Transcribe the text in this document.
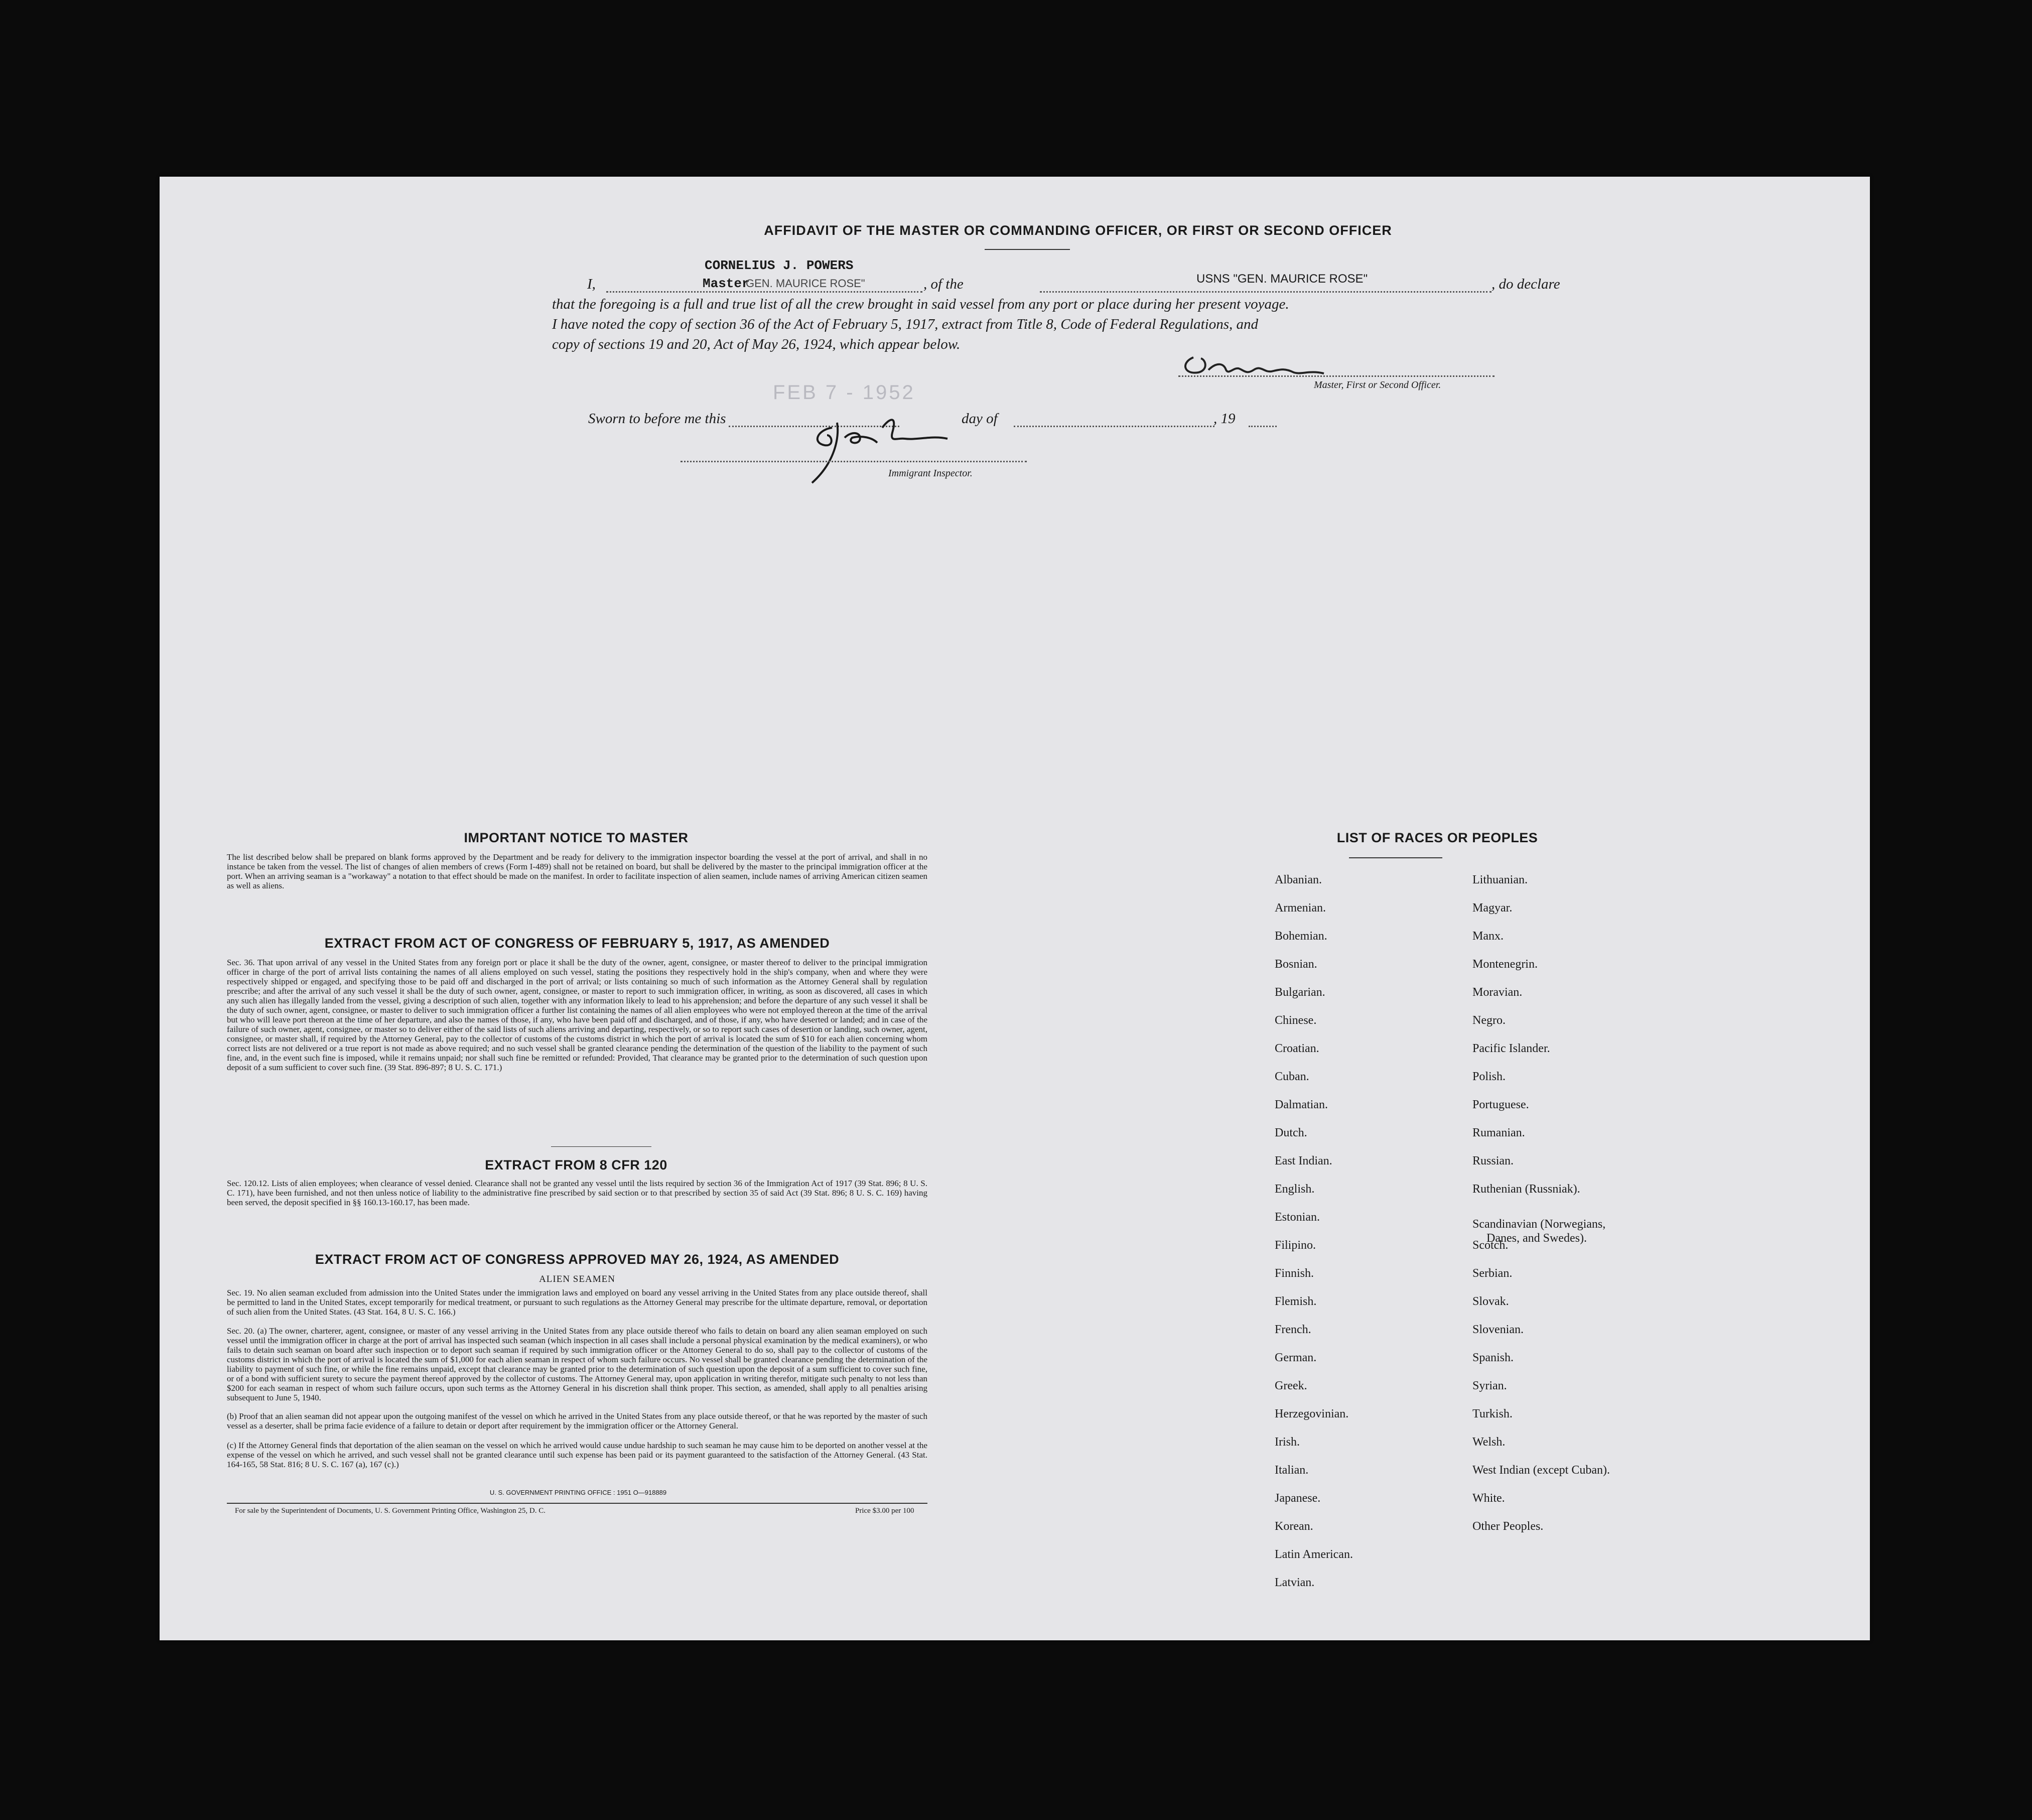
AFFIDAVIT OF THE MASTER OR COMMANDING OFFICER, OR FIRST OR SECOND OFFICER
I,
CORNELIUS J. POWERS
Master
GEN. MAURICE ROSE"	, of the	USNS "GEN. MAURICE ROSE"	, do declare
that the foregoing is a full and true list of all the crew brought in said vessel from any port or place during her present voyage.
I have noted the copy of section 36 of the Act of February 5, 1917, extract from Title 8, Code of Federal Regulations, and
copy of sections 19 and 20, Act of May 26, 1924, which appear below.
Master, First or Second Officer.
Sworn to before me this
FEB 7 - 1952
day of	, 19
Immigrant Inspector.
IMPORTANT NOTICE TO MASTER
The list described below shall be prepared on blank forms approved by the Department and be ready for delivery to the immigration inspector boarding the vessel at the port of arrival, and shall in no instance be taken from the vessel. The list of changes of alien members of crews (Form I-489) shall not be retained on board, but shall be delivered by the master to the principal immigration officer at the port. When an arriving seaman is a "workaway" a notation to that effect should be made on the manifest. In order to facilitate inspection of alien seamen, include names of arriving American citizen seamen as well as aliens.
EXTRACT FROM ACT OF CONGRESS OF FEBRUARY 5, 1917, AS AMENDED
Sec. 36. That upon arrival of any vessel in the United States from any foreign port or place it shall be the duty of the owner, agent, consignee, or master thereof to deliver to the principal immigration officer in charge of the port of arrival lists containing the names of all aliens employed on such vessel, stating the positions they respectively hold in the ship's company, when and where they were respectively shipped or engaged, and specifying those to be paid off and discharged in the port of arrival; or lists containing so much of such information as the Attorney General shall by regulation prescribe; and after the arrival of any such vessel it shall be the duty of such owner, agent, consignee, or master to report to such immigration officer, in writing, as soon as discovered, all cases in which any such alien has illegally landed from the vessel, giving a description of such alien, together with any information likely to lead to his apprehension; and before the departure of any such vessel it shall be the duty of such owner, agent, consignee, or master to deliver to such immigration officer a further list containing the names of all alien employees who were not employed thereon at the time of the arrival but who will leave port thereon at the time of her departure, and also the names of those, if any, who have been paid off and discharged, and of those, if any, who have deserted or landed; and in case of the failure of such owner, agent, consignee, or master so to deliver either of the said lists of such aliens arriving and departing, respectively, or so to report such cases of desertion or landing, such owner, agent, consignee, or master shall, if required by the Attorney General, pay to the collector of customs of the customs district in which the port of arrival is located the sum of $10 for each alien concerning whom correct lists are not delivered or a true report is not made as above required; and no such vessel shall be granted clearance pending the determination of the question of the liability to the payment of such fine, and, in the event such fine is imposed, while it remains unpaid; nor shall such fine be remitted or refunded: Provided, That clearance may be granted prior to the determination of such question upon deposit of a sum sufficient to cover such fine. (39 Stat. 896-897; 8 U. S. C. 171.)
EXTRACT FROM 8 CFR 120
Sec. 120.12. Lists of alien employees; when clearance of vessel denied. Clearance shall not be granted any vessel until the lists required by section 36 of the Immigration Act of 1917 (39 Stat. 896; 8 U. S. C. 171), have been furnished, and not then unless notice of liability to the administrative fine prescribed by said section or to that prescribed by section 35 of said Act (39 Stat. 896; 8 U. S. C. 169) having been served, the deposit specified in §§ 160.13-160.17, has been made.
EXTRACT FROM ACT OF CONGRESS APPROVED MAY 26, 1924, AS AMENDED
ALIEN SEAMEN
Sec. 19. No alien seaman excluded from admission into the United States under the immigration laws and employed on board any vessel arriving in the United States from any place outside thereof, shall be permitted to land in the United States, except temporarily for medical treatment, or pursuant to such regulations as the Attorney General may prescribe for the ultimate departure, removal, or deportation of such alien from the United States. (43 Stat. 164, 8 U. S. C. 166.)
Sec. 20. (a) The owner, charterer, agent, consignee, or master of any vessel arriving in the United States from any place outside thereof who fails to detain on board any alien seaman employed on such vessel until the immigration officer in charge at the port of arrival has inspected such seaman (which inspection in all cases shall include a personal physical examination by the medical examiners), or who fails to detain such seaman on board after such inspection or to deport such seaman if required by such immigration officer or the Attorney General to do so, shall pay to the collector of customs of the customs district in which the port of arrival is located the sum of $1,000 for each alien seaman in respect of whom such failure occurs. No vessel shall be granted clearance pending the determination of the liability to payment of such fine, or while the fine remains unpaid, except that clearance may be granted prior to the determination of such question upon the deposit of a sum sufficient to cover such fine, or of a bond with sufficient surety to secure the payment thereof approved by the collector of customs. The Attorney General may, upon application in writing therefor, mitigate such penalty to not less than $200 for each seaman in respect of whom such failure occurs, upon such terms as the Attorney General in his discretion shall think proper. This section, as amended, shall apply to all penalties arising subsequent to June 5, 1940.
(b) Proof that an alien seaman did not appear upon the outgoing manifest of the vessel on which he arrived in the United States from any place outside thereof, or that he was reported by the master of such vessel as a deserter, shall be prima facie evidence of a failure to detain or deport after requirement by the immigration officer or the Attorney General.
(c) If the Attorney General finds that deportation of the alien seaman on the vessel on which he arrived would cause undue hardship to such seaman he may cause him to be deported on another vessel at the expense of the vessel on which he arrived, and such vessel shall not be granted clearance until such expense has been paid or its payment guaranteed to the satisfaction of the Attorney General. (43 Stat. 164-165, 58 Stat. 816; 8 U. S. C. 167 (a), 167 (c).)
U. S. GOVERNMENT PRINTING OFFICE : 1951 O—918889
For sale by the Superintendent of Documents, U. S. Government Printing Office, Washington 25, D. C.	Price $3.00 per 100
LIST OF RACES OR PEOPLES
Albanian.
Armenian.
Bohemian.
Bosnian.
Bulgarian.
Chinese.
Croatian.
Cuban.
Dalmatian.
Dutch.
East Indian.
English.
Estonian.
Filipino.
Finnish.
Flemish.
French.
German.
Greek.
Herzegovinian.
Irish.
Italian.
Japanese.
Korean.
Latin American.
Latvian.
Lithuanian.
Magyar.
Manx.
Montenegrin.
Moravian.
Negro.
Pacific Islander.
Polish.
Portuguese.
Rumanian.
Russian.
Ruthenian (Russniak).
Scandinavian (Norwegians,
Danes, and Swedes).
Scotch.
Serbian.
Slovak.
Slovenian.
Spanish.
Syrian.
Turkish.
Welsh.
West Indian (except Cuban).
White.
Other Peoples.
